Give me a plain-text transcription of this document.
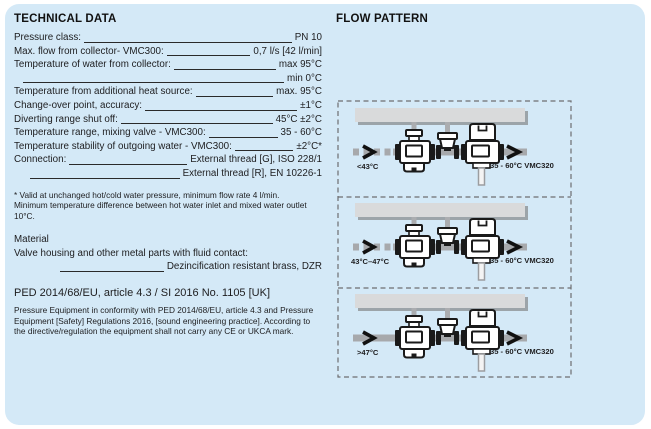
TECHNICAL DATA
Pressure class:	PN 10
Max. flow from collector- VMC300:	0,7 l/s [42 l/min]
Temperature of water from collector:	max 95°C
min 0°C
Temperature from additional heat source:	max. 95°C
Change-over point, accuracy:	±1°C
Diverting range shut off:	45°C ±2°C
Temperature range, mixing valve - VMC300:	35 - 60°C
Temperature stability of outgoing water - VMC300:	±2°C*
Connection:	External thread [G], ISO 228/1
External thread [R], EN 10226-1
* Valid at unchanged hot/cold water pressure, minimum flow rate 4 l/min. Minimum temperature difference between hot water inlet and mixed water outlet 10°C.
Material
Valve housing and other metal parts with fluid contact:
Dezincification resistant brass, DZR
PED 2014/68/EU, article 4.3 / SI 2016 No. 1105 [UK]
Pressure Equipment in conformity with PED 2014/68/EU, article 4.3 and Pressure Equipment [Safety] Regulations 2016, [sound engineering practice]. According to the directive/regulation the equipment shall not carry any CE or UKCA mark.
FLOW PATTERN
<43°C	35 - 60°C VMC320
43°C–47°C	35 - 60°C VMC320
>47°C	35 - 60°C VMC320
